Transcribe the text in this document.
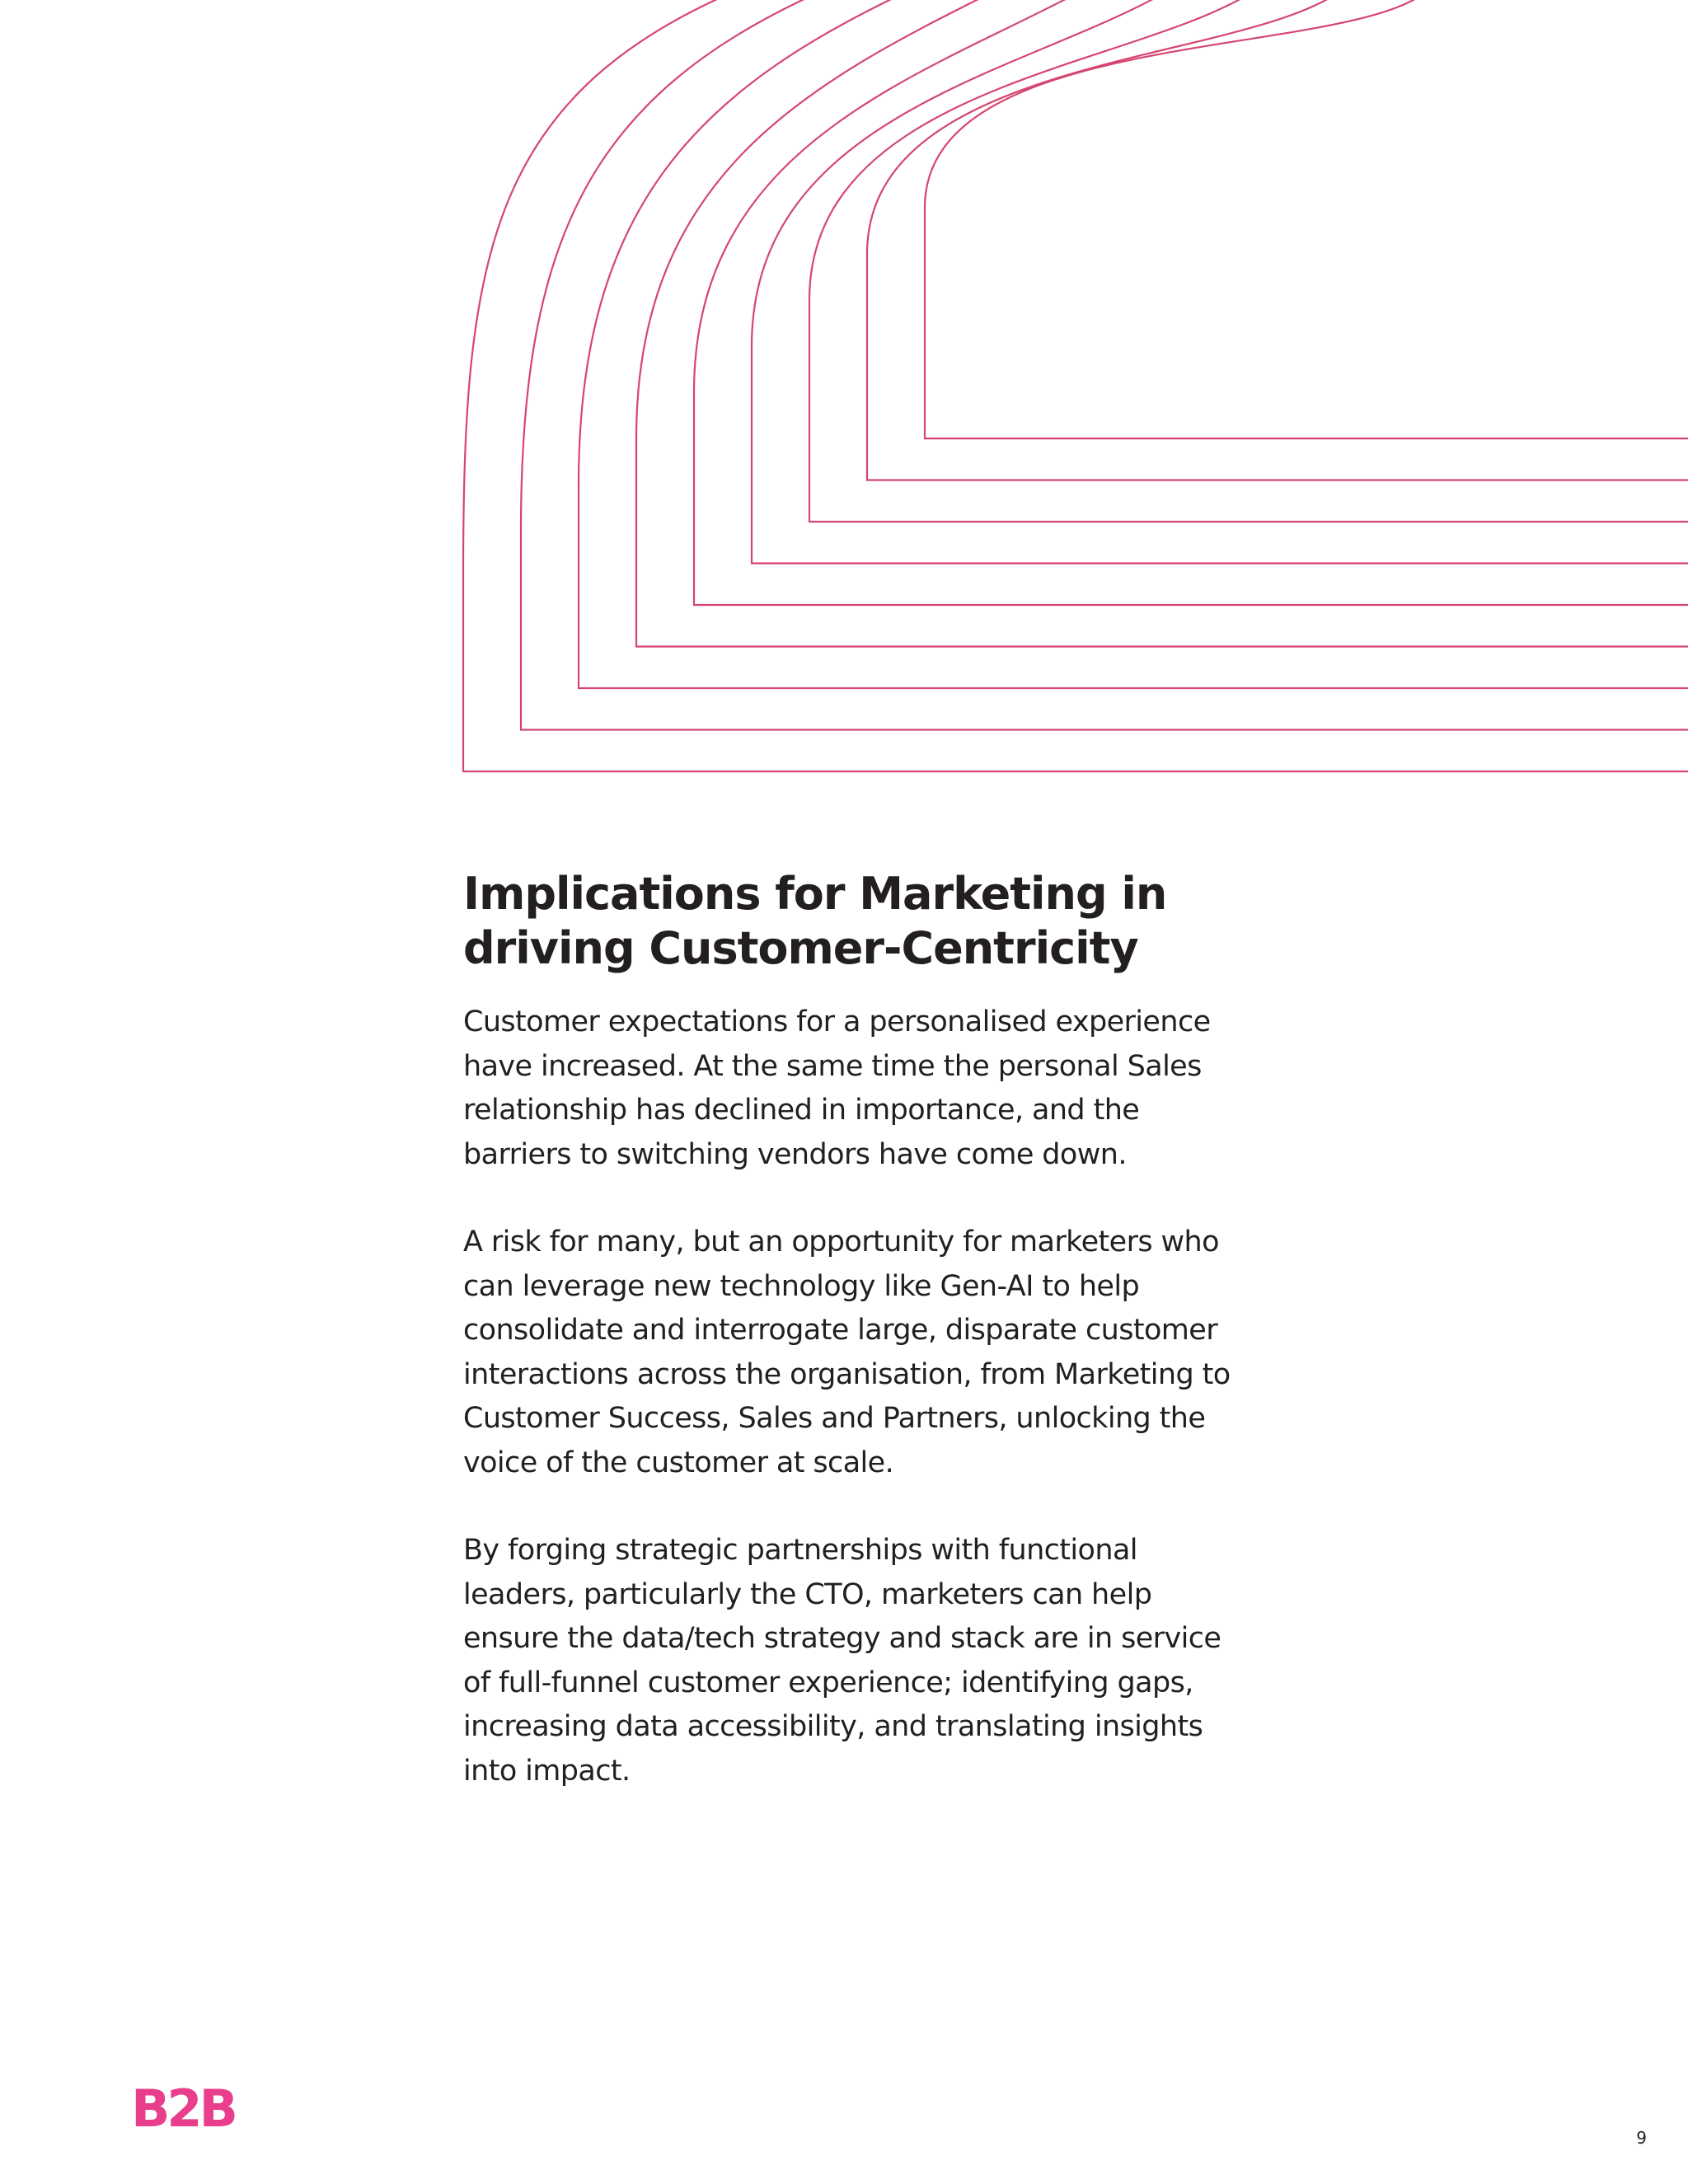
Implications for Marketing in driving Customer-Centricity

Customer expectations for a personalised experience have increased. At the same time the personal Sales relationship has declined in importance, and the barriers to switching vendors have come down.

A risk for many, but an opportunity for marketers who can leverage new technology like Gen-AI to help consolidate and interrogate large, disparate customer interactions across the organisation, from Marketing to Customer Success, Sales and Partners, unlocking the voice of the customer at scale.

By forging strategic partnerships with functional leaders, particularly the CTO, marketers can help ensure the data/tech strategy and stack are in service of full-funnel customer experience; identifying gaps, increasing data accessibility, and translating insights into impact.

B2B	9
